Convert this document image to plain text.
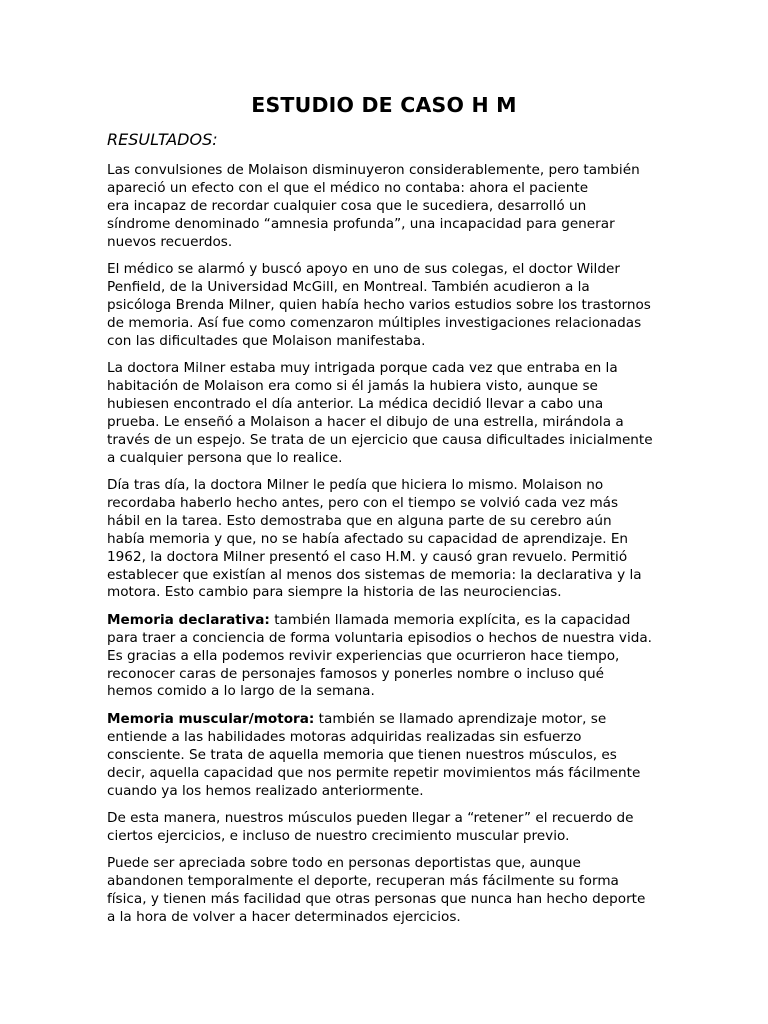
ESTUDIO DE CASO H M
RESULTADOS:

Las convulsiones de Molaison disminuyeron considerablemente, pero también
apareció un efecto con el que el médico no contaba: ahora el paciente
era incapaz de recordar cualquier cosa que le sucediera, desarrolló un
síndrome denominado “amnesia profunda”, una incapacidad para generar
nuevos recuerdos.

El médico se alarmó y buscó apoyo en uno de sus colegas, el doctor Wilder
Penfield, de la Universidad McGill, en Montreal. También acudieron a la
psicóloga Brenda Milner, quien había hecho varios estudios sobre los trastornos
de memoria. Así fue como comenzaron múltiples investigaciones relacionadas
con las dificultades que Molaison manifestaba.

La doctora Milner estaba muy intrigada porque cada vez que entraba en la
habitación de Molaison era como si él jamás la hubiera visto, aunque se
hubiesen encontrado el día anterior. La médica decidió llevar a cabo una
prueba. Le enseñó a Molaison a hacer el dibujo de una estrella, mirándola a
través de un espejo. Se trata de un ejercicio que causa dificultades inicialmente
a cualquier persona que lo realice.

Día tras día, la doctora Milner le pedía que hiciera lo mismo. Molaison no
recordaba haberlo hecho antes, pero con el tiempo se volvió cada vez más
hábil en la tarea. Esto demostraba que en alguna parte de su cerebro aún
había memoria y que, no se había afectado su capacidad de aprendizaje. En
1962, la doctora Milner presentó el caso H.M. y causó gran revuelo. Permitió
establecer que existían al menos dos sistemas de memoria: la declarativa y la
motora. Esto cambio para siempre la historia de las neurociencias.

Memoria declarativa: también llamada memoria explícita, es la capacidad
para traer a conciencia de forma voluntaria episodios o hechos de nuestra vida.
Es gracias a ella podemos revivir experiencias que ocurrieron hace tiempo,
reconocer caras de personajes famosos y ponerles nombre o incluso qué
hemos comido a lo largo de la semana.

Memoria muscular/motora: también se llamado aprendizaje motor, se
entiende a las habilidades motoras adquiridas realizadas sin esfuerzo
consciente. Se trata de aquella memoria que tienen nuestros músculos, es
decir, aquella capacidad que nos permite repetir movimientos más fácilmente
cuando ya los hemos realizado anteriormente.

De esta manera, nuestros músculos pueden llegar a “retener” el recuerdo de
ciertos ejercicios, e incluso de nuestro crecimiento muscular previo.

Puede ser apreciada sobre todo en personas deportistas que, aunque
abandonen temporalmente el deporte, recuperan más fácilmente su forma
física, y tienen más facilidad que otras personas que nunca han hecho deporte
a la hora de volver a hacer determinados ejercicios.
